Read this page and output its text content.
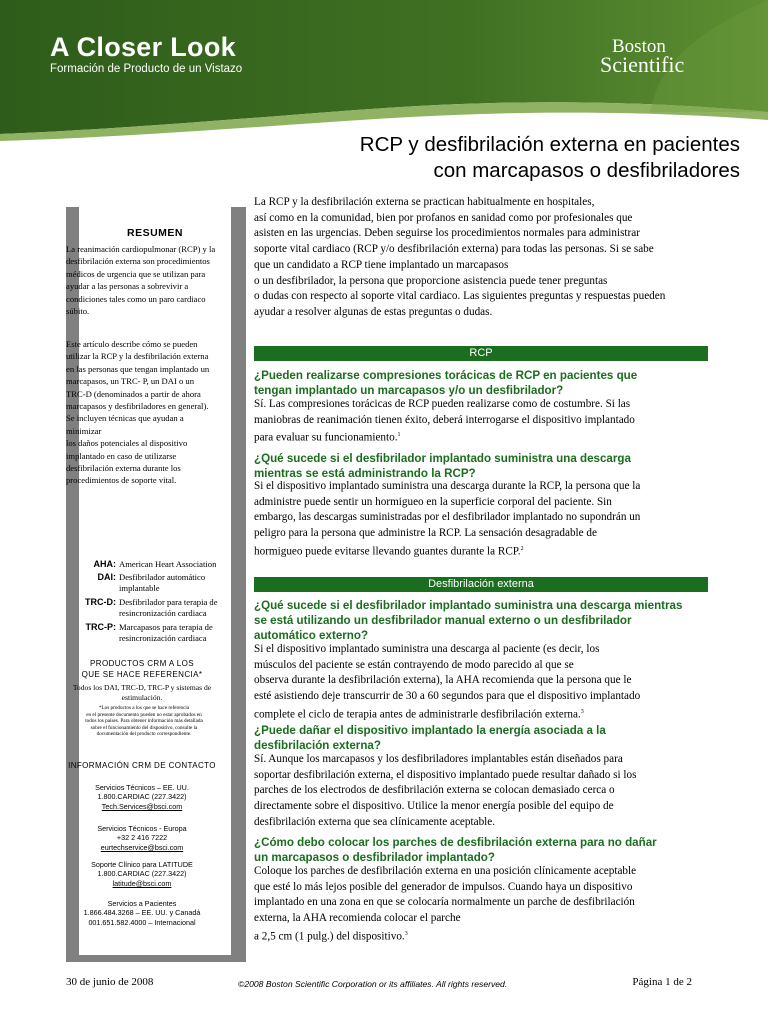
A Closer Look
Formación de Producto de un Vistazo
Boston
Scientific
RCP y desfibrilación externa en pacientes
con marcapasos o desfibriladores
RESUMEN
La reanimación cardiopulmonar (RCP) y la
desfibrilación externa son procedimientos
médicos de urgencia que se utilizan para
ayudar a las personas a sobrevivir a
condiciones tales como un paro cardiaco
súbito.
Este artículo describe cómo se pueden
utilizar la RCP y la desfibrilación externa
en las personas que tengan implantado un
marcapasos, un TRC- P, un DAI o un
TRC-D (denominados a partir de ahora
marcapasos y desfibriladores en general).
Se incluyen técnicas que ayudan a
minimizar
los daños potenciales al dispositivo
implantado en caso de utilizarse
desfibrilación externa durante los
procedimientos de soporte vital.
AHA: American Heart Association
DAI: Desfibrilador automático
implantable
TRC-D: Desfibrilador para terapia de
resincronización cardiaca
TRC-P: Marcapasos para terapia de
resincronización cardiaca
PRODUCTOS CRM A LOS
QUE SE HACE REFERENCIA*
Todos los DAI, TRC-D, TRC-P y sistemas de
estimulación.
*Los productos a los que se hace referencia
en el presente documento pueden no estar aprobados en
todos los países. Para obtener información más detallada
sobre el funcionamiento del dispositivo, consulte la
documentación del producto correspondiente.
INFORMACIÓN CRM DE CONTACTO
Servicios Técnicos – EE. UU.
1.800.CARDIAC (227.3422)
Tech.Services@bsci.com
Servicios Técnicos - Europa
+32 2 416 7222
eurtechservice@bsci.com
Soporte Clínico para LATITUDE
1.800.CARDIAC (227.3422)
latitude@bsci.com
Servicios a Pacientes
1.866.484.3268 – EE. UU. y Canadá
001.651.582.4000 – Internacional

La RCP y la desfibrilación externa se practican habitualmente en hospitales,

así como en la comunidad, bien por profanos en sanidad como por profesionales que

asisten en las urgencias. Deben seguirse los procedimientos normales para administrar

soporte vital cardiaco (RCP y/o desfibrilación externa) para todas las personas. Si se sabe

que un candidato a RCP tiene implantado un marcapasos

o un desfibrilador, la persona que proporcione asistencia puede tener preguntas

o dudas con respecto al soporte vital cardiaco. Las siguientes preguntas y respuestas pueden

ayudar a resolver algunas de estas preguntas o dudas.

RCP
¿Pueden realizarse compresiones torácicas de RCP en pacientes que
tengan implantado un marcapasos y/o un desfibrilador?
Sí. Las compresiones torácicas de RCP pueden realizarse como de costumbre. Si las
maniobras de reanimación tienen éxito, deberá interrogarse el dispositivo implantado
para evaluar su funcionamiento.$^1$
¿Qué sucede si el desfibrilador implantado suministra una descarga
mientras se está administrando la RCP?
Si el dispositivo implantado suministra una descarga durante la RCP, la persona que la
administre puede sentir un hormigueo en la superficie corporal del paciente. Sin
embargo, las descargas suministradas por el desfibrilador implantado no supondrán un
peligro para la persona que administre la RCP. La sensación desagradable de
hormigueo puede evitarse llevando guantes durante la RCP.$^2$
Desfibrilación externa
¿Qué sucede si el desfibrilador implantado suministra una descarga mientras
se está utilizando un desfibrilador manual externo o un desfibrilador
automático externo?
Si el dispositivo implantado suministra una descarga al paciente (es decir, los
músculos del paciente se están contrayendo de modo parecido al que se
observa durante la desfibrilación externa), la AHA recomienda que la persona que le
esté asistiendo deje transcurrir de 30 a 60 segundos para que el dispositivo implantado
complete el ciclo de terapia antes de administrarle desfibrilación externa.$^3$
¿Puede dañar el dispositivo implantado la energía asociada a la
desfibrilación externa?
Sí. Aunque los marcapasos y los desfibriladores implantables están diseñados para
soportar desfibrilación externa, el dispositivo implantado puede resultar dañado si los
parches de los electrodos de desfibrilación externa se colocan demasiado cerca o
directamente sobre el dispositivo. Utilice la menor energía posible del equipo de
desfibrilación externa que sea clínicamente aceptable.
¿Cómo debo colocar los parches de desfibrilación externa para no dañar
un marcapasos o desfibrilador implantado?
Coloque los parches de desfibrilación externa en una posición clínicamente aceptable
que esté lo más lejos posible del generador de impulsos. Cuando haya un dispositivo
implantado en una zona en que se colocaría normalmente un parche de desfibrilación
externa, la AHA recomienda colocar el parche
a 2,5 cm (1 pulg.) del dispositivo.$^3$
30 de junio de 2008	©2008 Boston Scientific Corporation or its affiliates. All rights reserved.	Página 1 de 2
